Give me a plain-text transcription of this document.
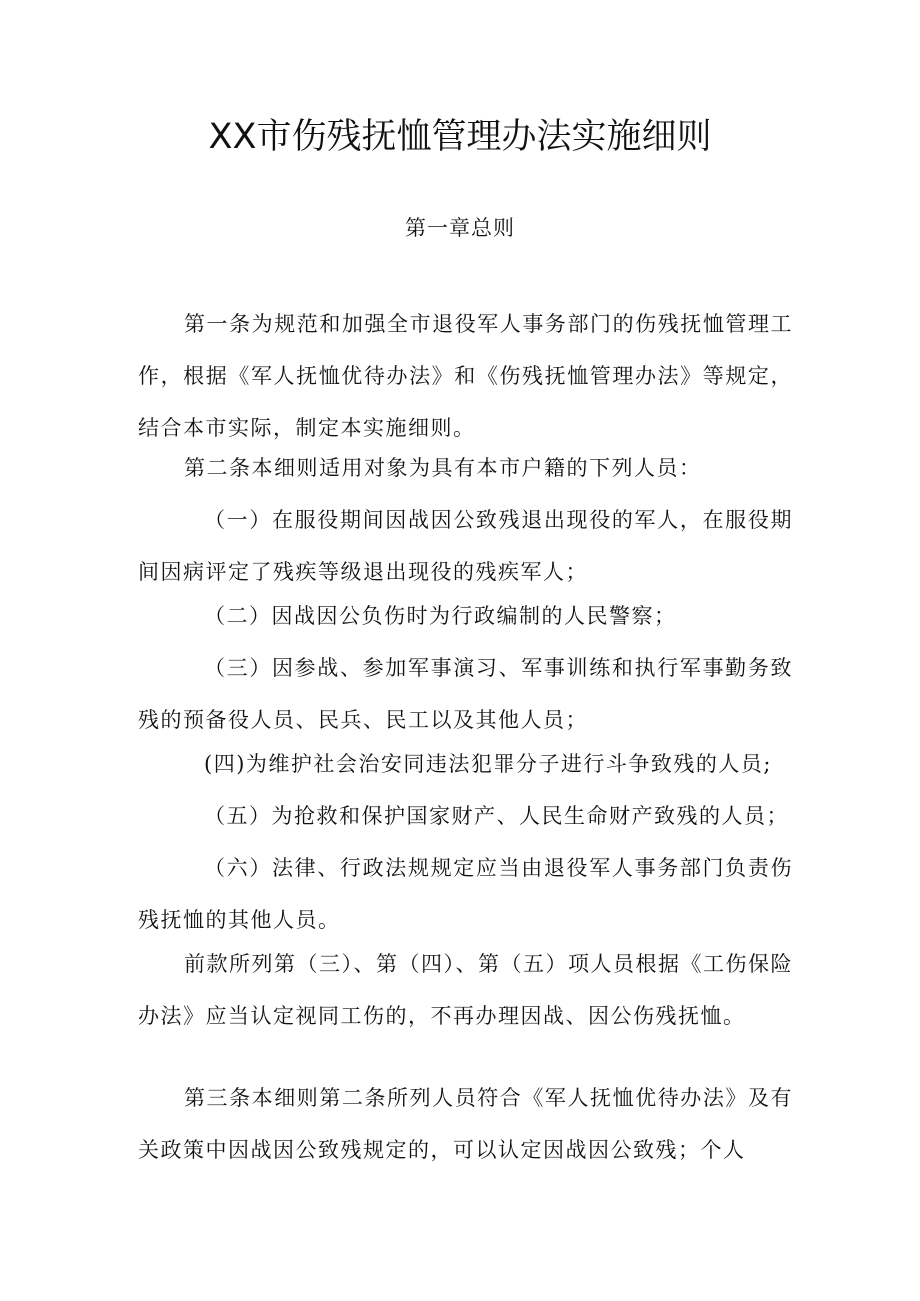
XX市伤残抚恤管理办法实施细则
第一章总则

第一条为规范和加强全市退役军人事务部门的伤残抚恤管理工作，根据《军人抚恤优待办法》和《伤残抚恤管理办法》等规定，结合本市实际，制定本实施细则。

第二条本细则适用对象为具有本市户籍的下列人员：

（一）在服役期间因战因公致残退出现役的军人，在服役期间因病评定了残疾等级退出现役的残疾军人；

（二）因战因公负伤时为行政编制的人民警察；

（三）因参战、参加军事演习、军事训练和执行军事勤务致残的预备役人员、民兵、民工以及其他人员；

(四)为维护社会治安同违法犯罪分子进行斗争致残的人员;

（五）为抢救和保护国家财产、人民生命财产致残的人员；

（六）法律、行政法规规定应当由退役军人事务部门负责伤残抚恤的其他人员。

前款所列第（三）、第（四）、第（五）项人员根据《工伤保险办法》应当认定视同工伤的，不再办理因战、因公伤残抚恤。

第三条本细则第二条所列人员符合《军人抚恤优待办法》及有关政策中因战因公致残规定的，可以认定因战因公致残；个人
